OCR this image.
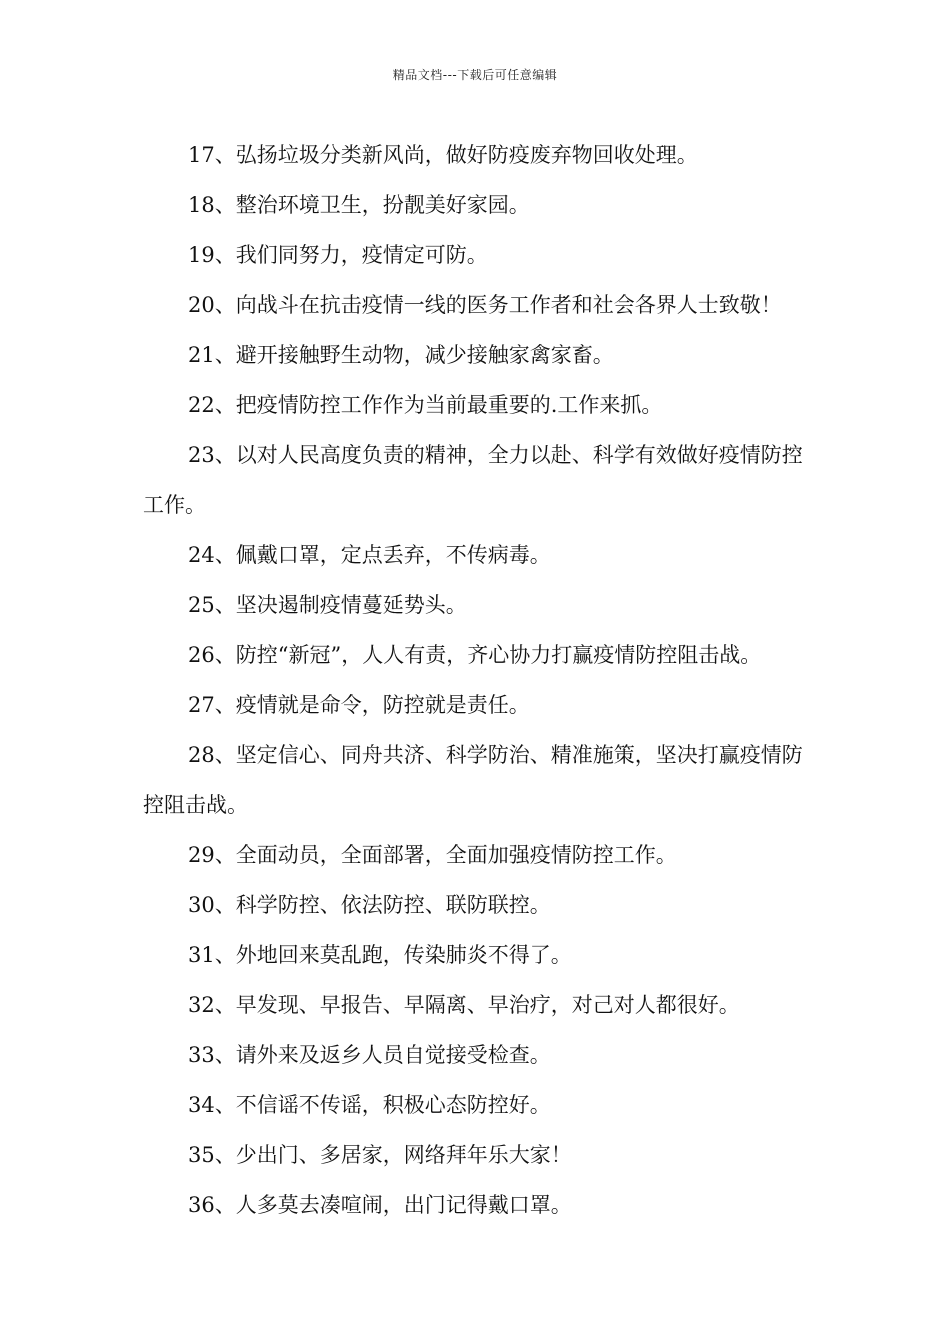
精品文档---下载后可任意编辑

17、弘扬垃圾分类新风尚，做好防疫废弃物回收处理。

18、整治环境卫生，扮靓美好家园。

19、我们同努力，疫情定可防。

20、向战斗在抗击疫情一线的医务工作者和社会各界人士致敬！

21、避开接触野生动物，减少接触家禽家畜。

22、把疫情防控工作作为当前最重要的.工作来抓。

23、以对人民高度负责的精神，全力以赴、科学有效做好疫情防控工作。

24、佩戴口罩，定点丢弃，不传病毒。

25、坚决遏制疫情蔓延势头。

26、防控“新冠”，人人有责，齐心协力打赢疫情防控阻击战。

27、疫情就是命令，防控就是责任。

28、坚定信心、同舟共济、科学防治、精准施策，坚决打赢疫情防控阻击战。

29、全面动员，全面部署，全面加强疫情防控工作。

30、科学防控、依法防控、联防联控。

31、外地回来莫乱跑，传染肺炎不得了。

32、早发现、早报告、早隔离、早治疗，对己对人都很好。

33、请外来及返乡人员自觉接受检查。

34、不信谣不传谣，积极心态防控好。

35、少出门、多居家，网络拜年乐大家！

36、人多莫去凑喧闹，出门记得戴口罩。
